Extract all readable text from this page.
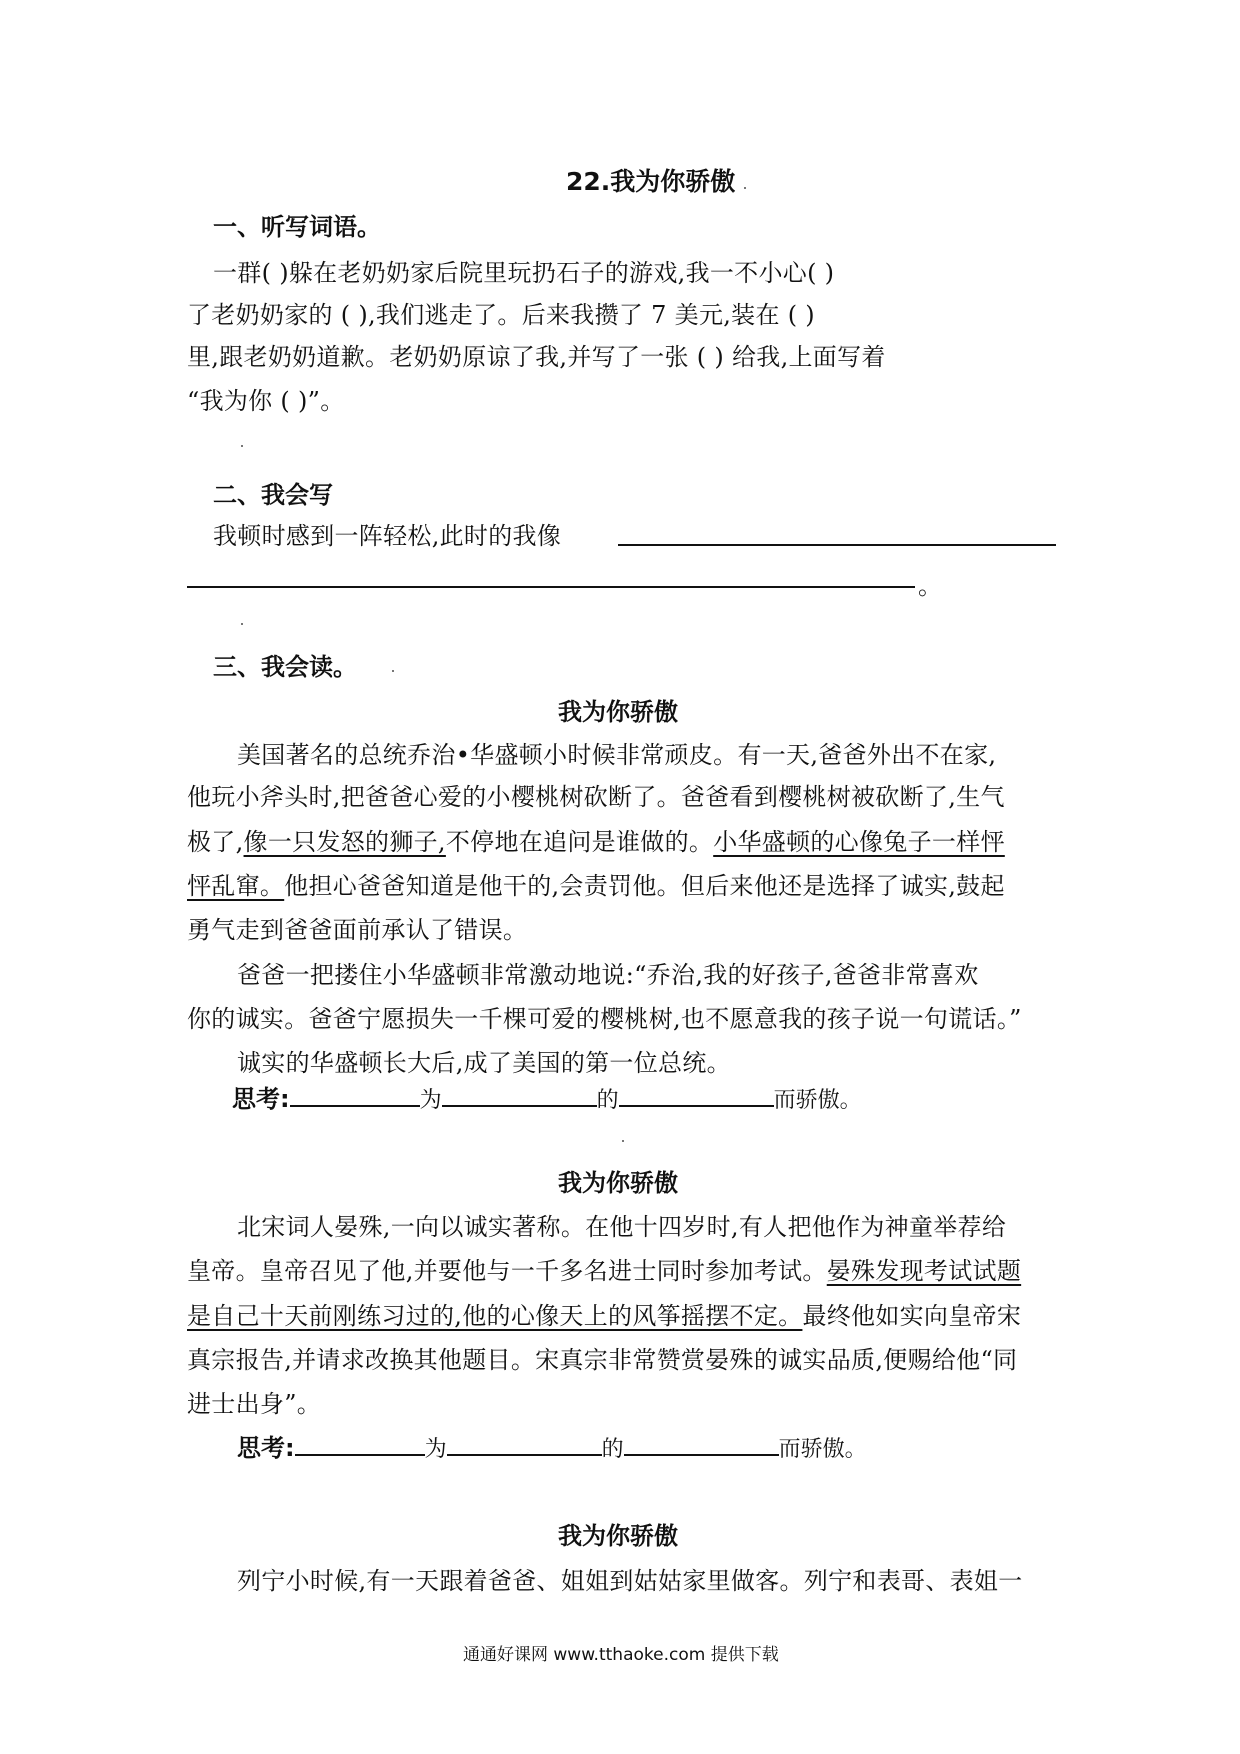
22.我为你骄傲
一、听写词语。
一群( )躲在老奶奶家后院里玩扔石子的游戏,我一不小心( )
了老奶奶家的 ( ),我们逃走了。后来我攒了 7 美元,装在 ( )
里,跟老奶奶道歉。老奶奶原谅了我,并写了一张 ( ) 给我,上面写着
“我为你 ( )”。
二、我会写
我顿时感到一阵轻松,此时的我像
。
三、我会读。
我为你骄傲
美国著名的总统乔治•华盛顿小时候非常顽皮。有一天,爸爸外出不在家,
他玩小斧头时,把爸爸心爱的小樱桃树砍断了。爸爸看到樱桃树被砍断了,生气
极了,像一只发怒的狮子,不停地在追问是谁做的。小华盛顿的心像兔子一样怦
怦乱窜。他担心爸爸知道是他干的,会责罚他。但后来他还是选择了诚实,鼓起
勇气走到爸爸面前承认了错误。
爸爸一把搂住小华盛顿非常激动地说:“乔治,我的好孩子,爸爸非常喜欢
你的诚实。爸爸宁愿损失一千棵可爱的樱桃树,也不愿意我的孩子说一句谎话。”
诚实的华盛顿长大后,成了美国的第一位总统。
思考:	为	的	而骄傲。
我为你骄傲
北宋词人晏殊,一向以诚实著称。在他十四岁时,有人把他作为神童举荐给
皇帝。皇帝召见了他,并要他与一千多名进士同时参加考试。晏殊发现考试试题
是自己十天前刚练习过的,他的心像天上的风筝摇摆不定。最终他如实向皇帝宋
真宗报告,并请求改换其他题目。宋真宗非常赞赏晏殊的诚实品质,便赐给他“同
进士出身”。
思考:	为	的	而骄傲。
我为你骄傲
列宁小时候,有一天跟着爸爸、姐姐到姑姑家里做客。列宁和表哥、表姐一
通通好课网 www.tthaoke.com 提供下载
